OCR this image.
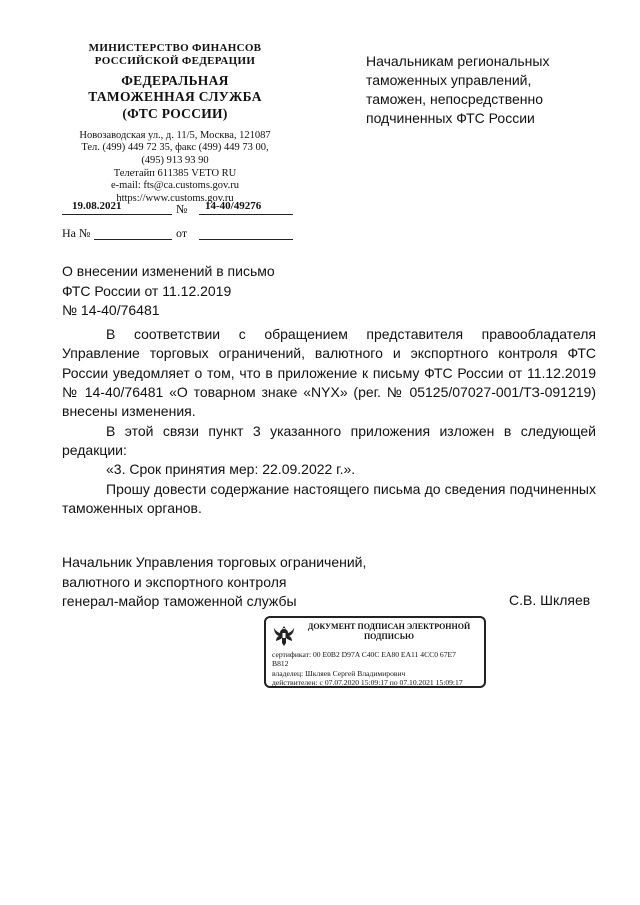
МИНИСТЕРСТВО ФИНАНСОВ
РОССИЙСКОЙ ФЕДЕРАЦИИ
ФЕДЕРАЛЬНАЯ
ТАМОЖЕННАЯ СЛУЖБА
(ФТС РОССИИ)
Новозаводская ул., д. 11/5, Москва, 121087
Тел. (499) 449 72 35, факс (499) 449 73 00,
(495) 913 93 90
Телетайп 611385 VETO RU
e-mail: fts@ca.customs.gov.ru
https://www.customs.gov.ru
Начальникам региональных
таможенных управлений,
таможен, непосредственно
подчиненных ФТС России
19.08.2021	№ 14-40/49276
На №	от
О внесении изменений в письмо
ФТС России от 11.12.2019
№ 14-40/76481

В соответствии с обращением представителя правообладателя Управление торговых ограничений, валютного и экспортного контроля ФТС России уведомляет о том, что в приложение к письму ФТС России от 11.12.2019 № 14-40/76481 «О товарном знаке «NYX» (рег. № 05125/07027-001/ТЗ-091219) внесены изменения.

В этой связи пункт 3 указанного приложения изложен в следующей редакции:

«3. Срок принятия мер: 22.09.2022 г.».

Прошу довести содержание настоящего письма до сведения подчиненных таможенных органов.

Начальник Управления торговых ограничений,
валютного и экспортного контроля
генерал-майор таможенной службы	С.В. Шкляев
ДОКУМЕНТ ПОДПИСАН ЭЛЕКТРОННОЙ
ПОДПИСЬЮ
сертификат: 00 E0B2 D97A C40C EA80 EA11 4CC0 67E7
B812
владелец: Шкляев Сергей Владимирович
действителен: с 07.07.2020 15:09:17 по 07.10.2021 15:09:17
